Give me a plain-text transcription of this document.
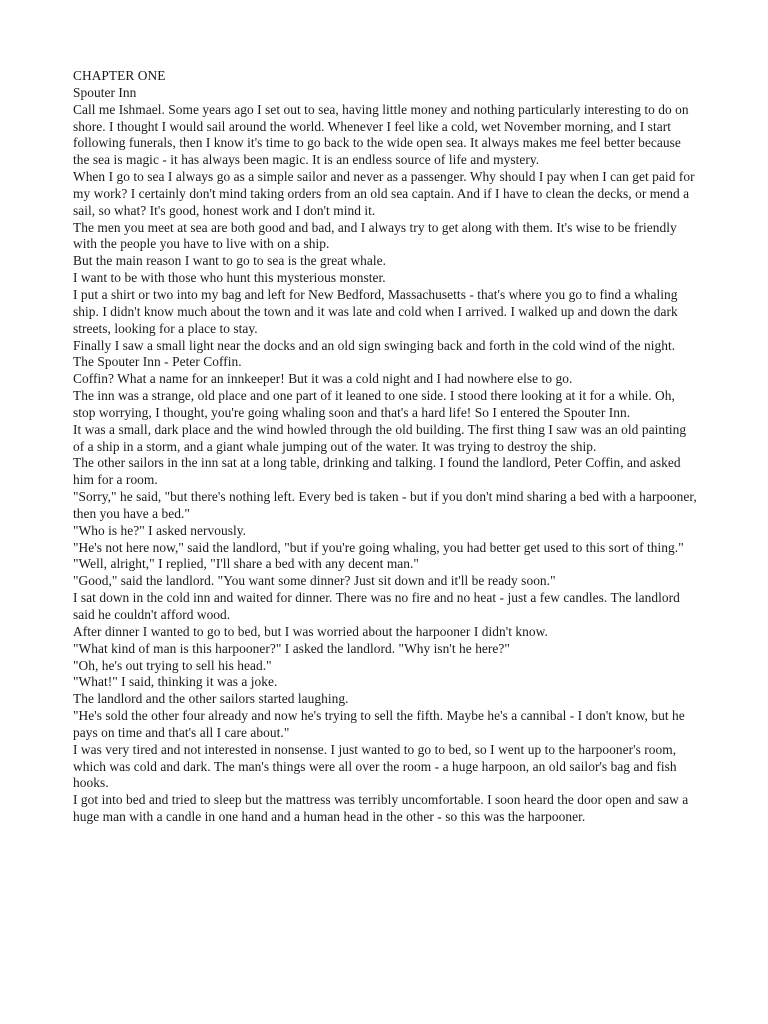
CHAPTER ONE

Spouter Inn

Call me Ishmael. Some years ago I set out to sea, having little money and nothing particularly interesting to do on shore. I thought I would sail around the world. Whenever I feel like a cold, wet November morning, and I start following funerals, then I know it's time to go back to the wide open sea. It always makes me feel better because the sea is magic - it has always been magic. It is an endless source of life and mystery.

When I go to sea I always go as a simple sailor and never as a passenger. Why should I pay when I can get paid for my work? I certainly don't mind taking orders from an old sea captain. And if I have to clean the decks, or mend a sail, so what? It's good, honest work and I don't mind it.

The men you meet at sea are both good and bad, and I always try to get along with them. It's wise to be friendly with the people you have to live with on a ship.

But the main reason I want to go to sea is the great whale.

I want to be with those who hunt this mysterious monster.

I put a shirt or two into my bag and left for New Bedford, Massachusetts - that's where you go to find a whaling ship. I didn't know much about the town and it was late and cold when I arrived. I walked up and down the dark streets, looking for a place to stay.

Finally I saw a small light near the docks and an old sign swinging back and forth in the cold wind of the night.

The Spouter Inn - Peter Coffin.

Coffin? What a name for an innkeeper! But it was a cold night and I had nowhere else to go.

The inn was a strange, old place and one part of it leaned to one side. I stood there looking at it for a while. Oh, stop worrying, I thought, you're going whaling soon and that's a hard life! So I entered the Spouter Inn.

It was a small, dark place and the wind howled through the old building. The first thing I saw was an old painting of a ship in a storm, and a giant whale jumping out of the water. It was trying to destroy the ship.

The other sailors in the inn sat at a long table, drinking and talking. I found the landlord, Peter Coffin, and asked him for a room.

"Sorry," he said, "but there's nothing left. Every bed is taken - but if you don't mind sharing a bed with a harpooner, then you have a bed."

"Who is he?" I asked nervously.

"He's not here now," said the landlord, "but if you're going whaling, you had better get used to this sort of thing."

"Well, alright," I replied, "I'll share a bed with any decent man."

"Good," said the landlord. "You want some dinner? Just sit down and it'll be ready soon."

I sat down in the cold inn and waited for dinner. There was no fire and no heat - just a few candles. The landlord said he couldn't afford wood.

After dinner I wanted to go to bed, but I was worried about the harpooner I didn't know.

"What kind of man is this harpooner?" I asked the landlord. "Why isn't he here?"

"Oh, he's out trying to sell his head."

"What!" I said, thinking it was a joke.

The landlord and the other sailors started laughing.

"He's sold the other four already and now he's trying to sell the fifth. Maybe he's a cannibal - I don't know, but he pays on time and that's all I care about."

I was very tired and not interested in nonsense. I just wanted to go to bed, so I went up to the harpooner's room, which was cold and dark. The man's things were all over the room - a huge harpoon, an old sailor's bag and fish hooks.

I got into bed and tried to sleep but the mattress was terribly uncomfortable. I soon heard the door open and saw a huge man with a candle in one hand and a human head in the other - so this was the harpooner.
